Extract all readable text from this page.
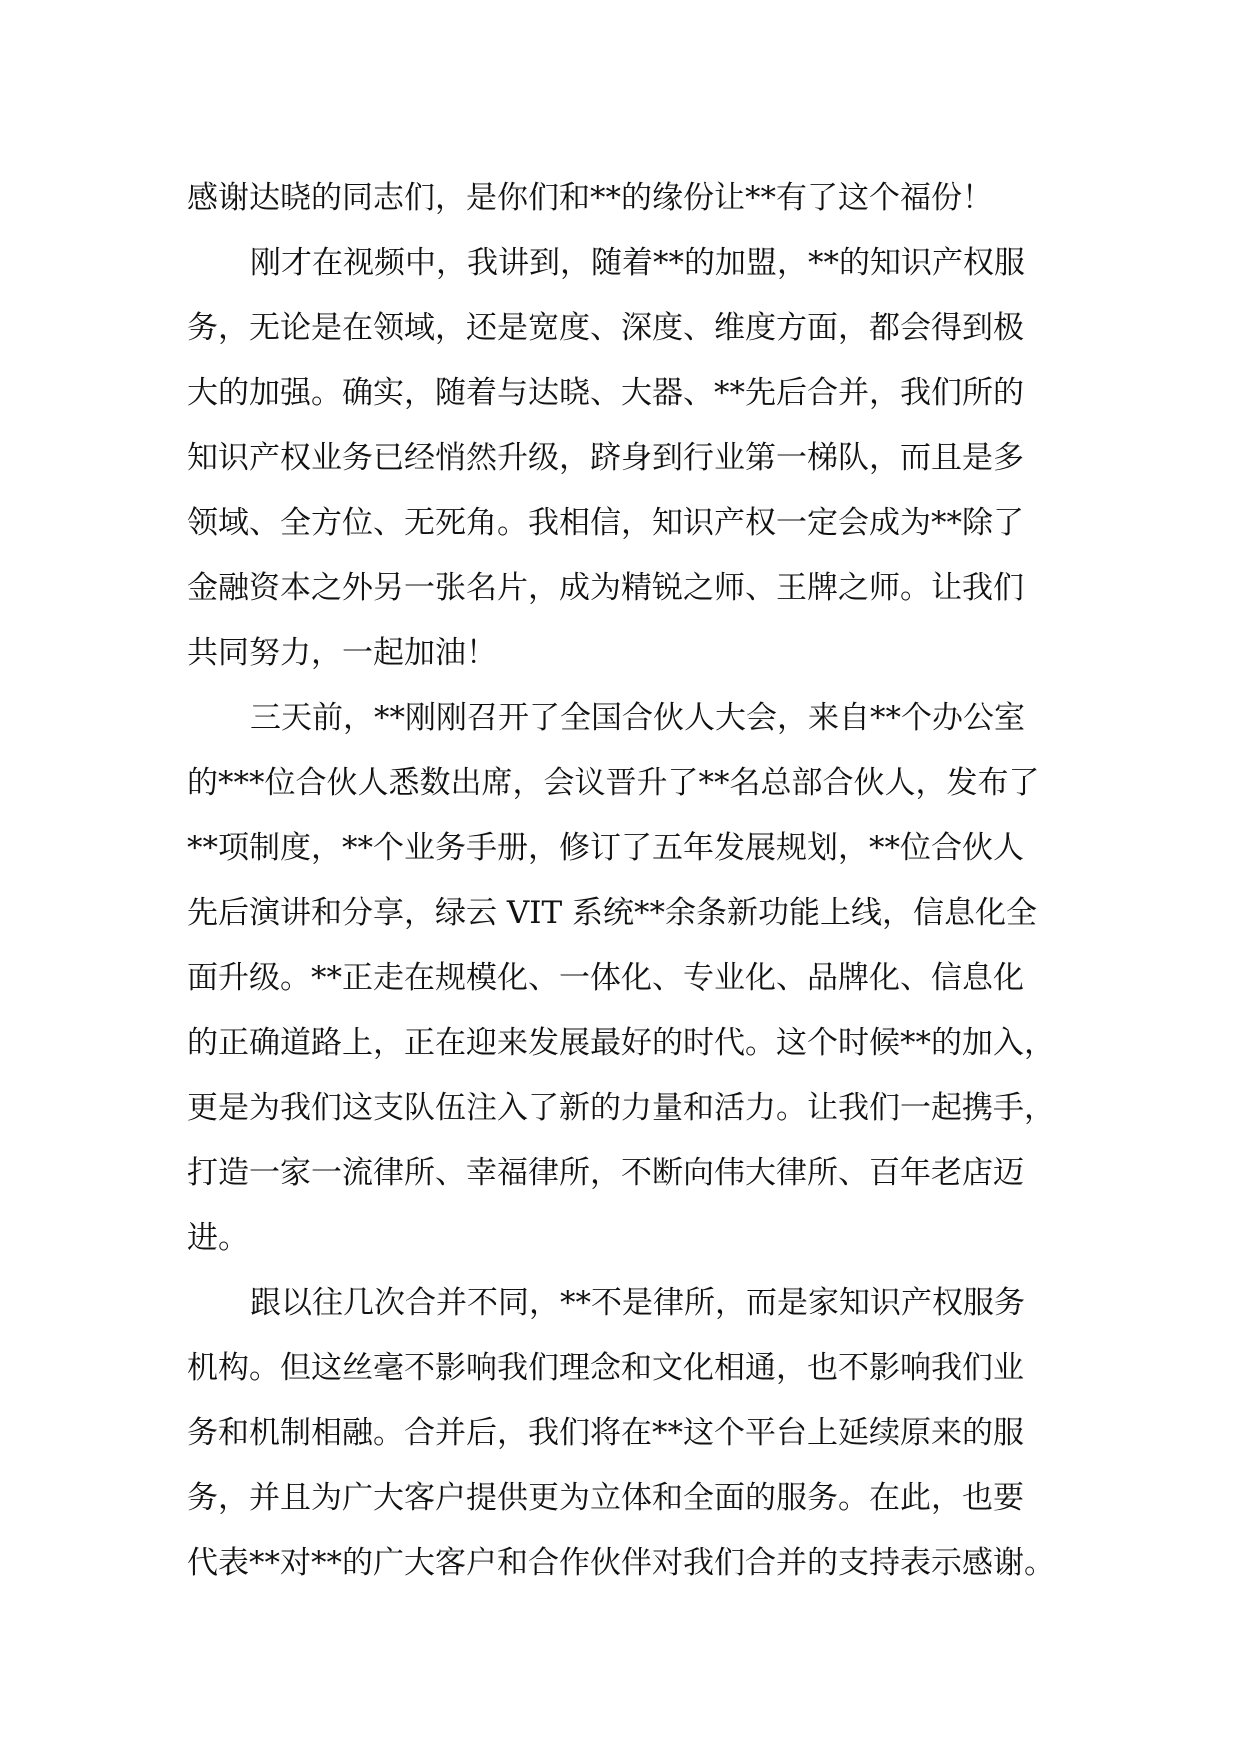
感谢达晓的同志们，是你们和**的缘份让**有了这个福份！
刚才在视频中，我讲到，随着**的加盟，**的知识产权服
务，无论是在领域，还是宽度、深度、维度方面，都会得到极
大的加强。确实，随着与达晓、大器、**先后合并，我们所的
知识产权业务已经悄然升级，跻身到行业第一梯队，而且是多
领域、全方位、无死角。我相信，知识产权一定会成为**除了
金融资本之外另一张名片，成为精锐之师、王牌之师。让我们
共同努力，一起加油！
三天前，**刚刚召开了全国合伙人大会，来自**个办公室
的***位合伙人悉数出席，会议晋升了**名总部合伙人，发布了
**项制度，**个业务手册，修订了五年发展规划，**位合伙人
先后演讲和分享，绿云 VIT 系统**余条新功能上线，信息化全
面升级。**正走在规模化、一体化、专业化、品牌化、信息化
的正确道路上，正在迎来发展最好的时代。这个时候**的加入，
更是为我们这支队伍注入了新的力量和活力。让我们一起携手，
打造一家一流律所、幸福律所，不断向伟大律所、百年老店迈
进。
跟以往几次合并不同，**不是律所，而是家知识产权服务
机构。但这丝毫不影响我们理念和文化相通，也不影响我们业
务和机制相融。合并后，我们将在**这个平台上延续原来的服
务，并且为广大客户提供更为立体和全面的服务。在此，也要
代表**对**的广大客户和合作伙伴对我们合并的支持表示感谢。
